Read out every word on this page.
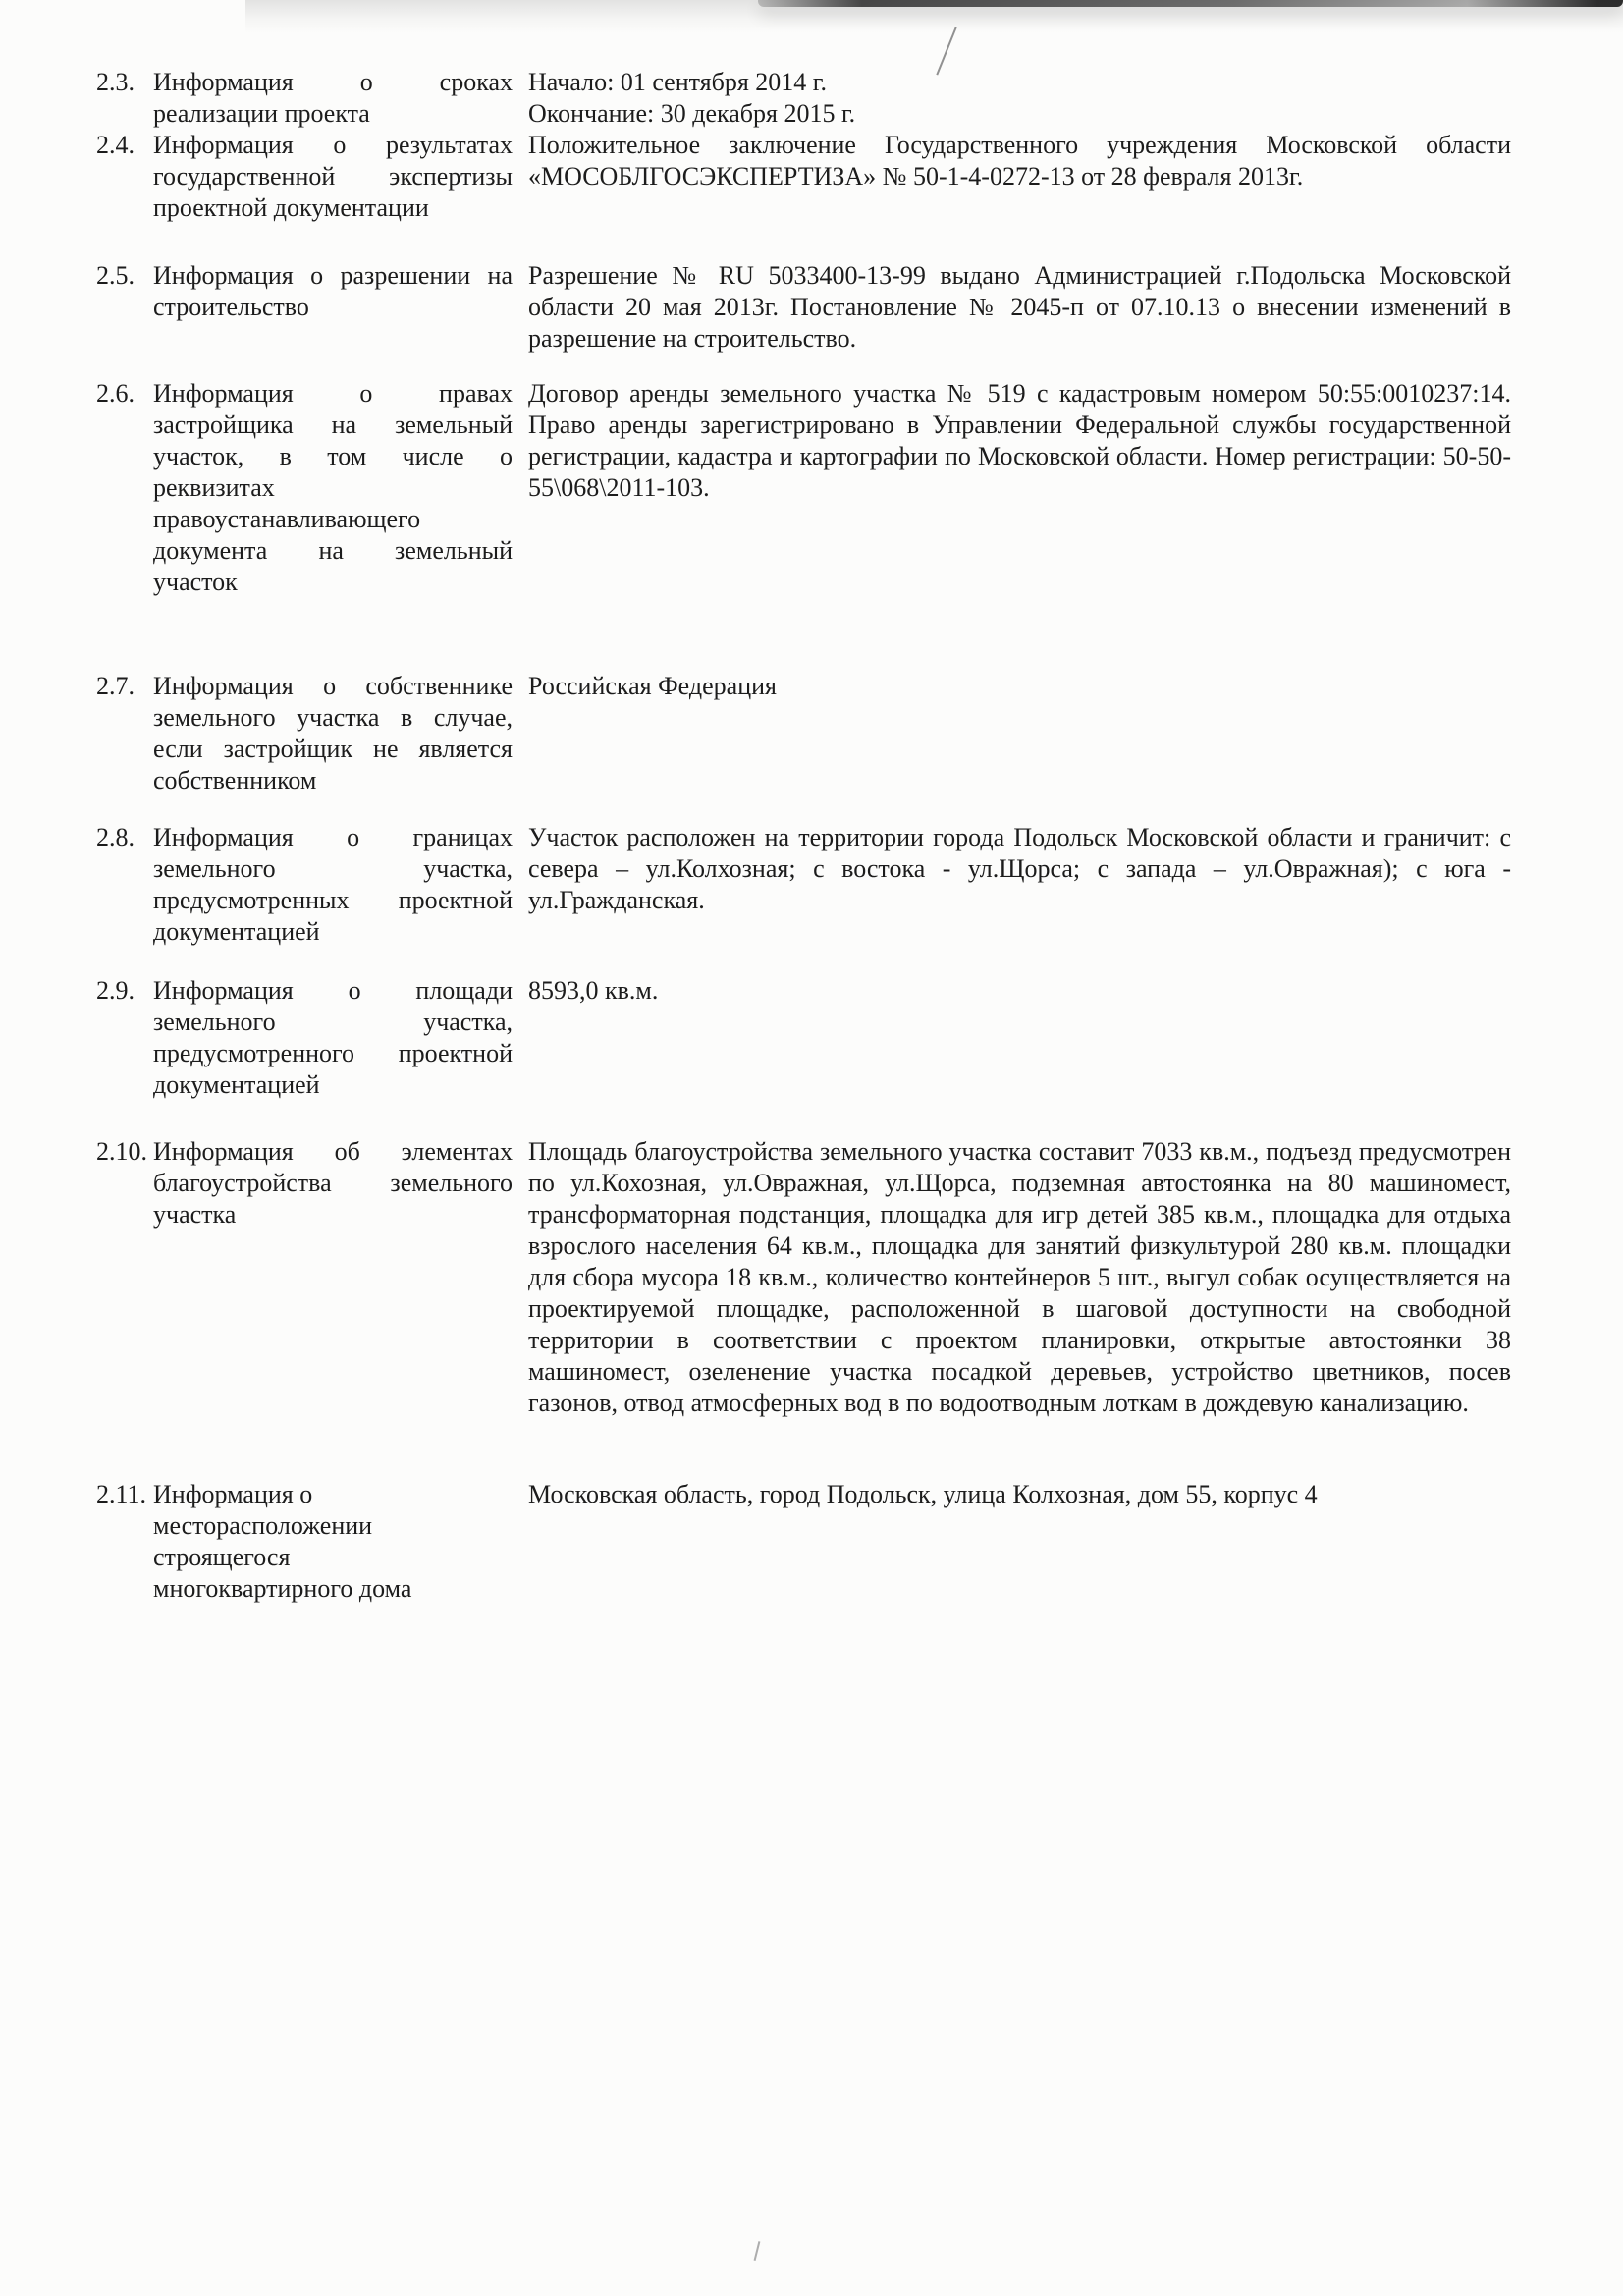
2.3. Информация о сроках реализации проекта

Начало: 01 сентября 2014 г.

Окончание: 30 декабря 2015 г.

2.4. Информация о результатах государственной экспертизы проектной документации

Положительное заключение Государственного учреждения Московской области «МОСОБЛГОСЭКСПЕРТИЗА» № 50-1-4-0272-13 от 28 февраля 2013г.

2.5. Информация о разрешении на строительство

Разрешение № RU 5033400-13-99 выдано Администрацией г.Подольска Московской области 20 мая 2013г. Постановление № 2045-п от 07.10.13 о внесении изменений в разрешение на строительство.

2.6. Информация о правах застройщика на земельный участок, в том числе о реквизитах правоустанавливающего документа на земельный участок

Договор аренды земельного участка № 519 с кадастровым номером 50:55:0010237:14. Право аренды зарегистрировано в Управлении Федеральной службы государственной регистрации, кадастра и картографии по Московской области. Номер регистрации: 50-50-55\068\2011-103.

2.7. Информация о собственнике земельного участка в случае, если застройщик не является собственником

Российская Федерация

2.8. Информация о границах земельного участка, предусмотренных проектной документацией

Участок расположен на территории города Подольск Московской области и граничит: с севера – ул.Колхозная; с востока - ул.Щорса; с запада – ул.Овражная); с юга - ул.Гражданская.

2.9. Информация о площади земельного участка, предусмотренного проектной документацией

8593,0 кв.м.

2.10. Информация об элементах благоустройства земельного участка

Площадь благоустройства земельного участка составит 7033 кв.м., подъезд предусмотрен по ул.Кохозная, ул.Овражная, ул.Щорса, подземная автостоянка на 80 машиномест, трансформаторная подстанция, площадка для игр детей 385 кв.м., площадка для отдыха взрослого населения 64 кв.м., площадка для занятий физкультурой 280 кв.м. площадки для сбора мусора 18 кв.м., количество контейнеров 5 шт., выгул собак осуществляется на проектируемой площадке, расположенной в шаговой доступности на свободной территории в соответствии с проектом планировки, открытые автостоянки 38 машиномест, озеленение участка посадкой деревьев, устройство цветников, посев газонов, отвод атмосферных вод в по водоотводным лоткам в дождевую канализацию.

2.11. Информация о месторасположении строящегося многоквартирного дома

Московская область, город Подольск, улица Колхозная, дом 55, корпус 4
